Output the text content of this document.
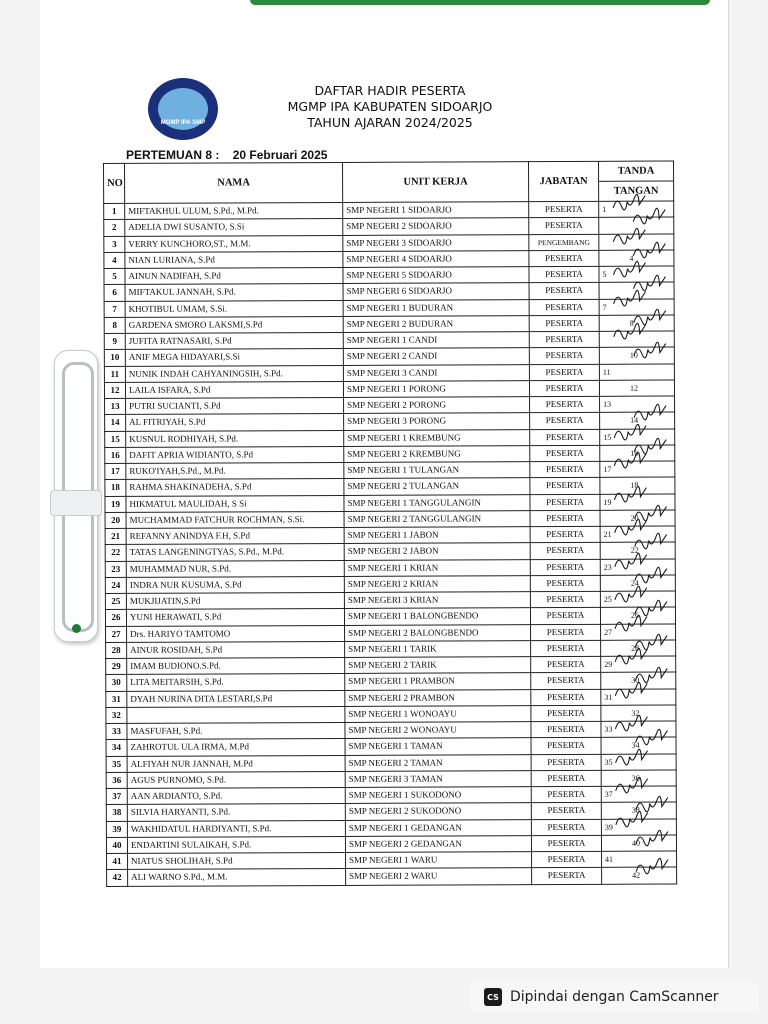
MGMP IPA SMP
DAFTAR HADIR PESERTA
MGMP IPA KABUPATEN SIDOARJO
TAHUN AJARAN 2024/2025
PERTEMUAN 8 : 20 Februari 2025
NO	NAMA	UNIT KERJA	JABATAN	TANDA
TANGAN

1	MIFTAKHUL ULUM, S.Pd., M.Pd.	SMP NEGERI 1 SIDOARJO	PESERTA	1

2	ADELIA DWI SUSANTO, S.Si	SMP NEGERI 2 SIDOARJO	PESERTA	

3	VERRY KUNCHORO,ST., M.M.	SMP NEGERI 3 SIDOARJO	PENGEMBANG	

4	NIAN LURIANA, S.Pd	SMP NEGERI 4 SIDOARJO	PESERTA	4

5	AINUN NADIFAH, S.Pd	SMP NEGERI 5 SIDOARJO	PESERTA	5

6	MIFTAKUL JANNAH, S.Pd.	SMP NEGERI 6 SIDOARJO	PESERTA	

7	KHOTIBUL UMAM, S.Si.	SMP NEGERI 1 BUDURAN	PESERTA	7

8	GARDENA SMORO LAKSMI,S.Pd	SMP NEGERI 2 BUDURAN	PESERTA	8

9	JUFITA RATNASARI, S.Pd	SMP NEGERI 1 CANDI	PESERTA	

10	ANIF MEGA HIDAYARI,S.Si	SMP NEGERI 2 CANDI	PESERTA	10

11	NUNIK INDAH CAHYANINGSIH, S.Pd.	SMP NEGERI 3 CANDI	PESERTA	11

12	LAILA ISFARA, S.Pd	SMP NEGERI 1 PORONG	PESERTA	12

13	PUTRI SUCIANTI, S.Pd	SMP NEGERI 2 PORONG	PESERTA	13

14	AL FITRIYAH, S.Pd	SMP NEGERI 3 PORONG	PESERTA	14

15	KUSNUL RODHIYAH, S.Pd.	SMP NEGERI 1 KREMBUNG	PESERTA	15

16	DAFIT APRIA WIDIANTO, S.Pd	SMP NEGERI 2 KREMBUNG	PESERTA	16

17	RUKO'IYAH,S.Pd., M.Pd.	SMP NEGERI 1 TULANGAN	PESERTA	17

18	RAHMA SHAKINADEHA, S.Pd	SMP NEGERI 2 TULANGAN	PESERTA	18

19	HIKMATUL MAULIDAH, S Si	SMP NEGERI 1 TANGGULANGIN	PESERTA	19

20	MUCHAMMAD FATCHUR ROCHMAN, S.Si.	SMP NEGERI 2 TANGGULANGIN	PESERTA	20

21	REFANNY ANINDYA F.H, S.Pd	SMP NEGERI 1 JABON	PESERTA	21

22	TATAS LANGENINGTYAS, S.Pd., M.Pd.	SMP NEGERI 2 JABON	PESERTA	22

23	MUHAMMAD NUR, S.Pd.	SMP NEGERI 1 KRIAN	PESERTA	23

24	INDRA NUR KUSUMA, S.Pd	SMP NEGERI 2 KRIAN	PESERTA	24

25	MUKJIJATIN,S.Pd	SMP NEGERI 3 KRIAN	PESERTA	25

26	YUNI HERAWATI, S.Pd	SMP NEGERI 1 BALONGBENDO	PESERTA	26

27	Drs. HARIYO TAMTOMO	SMP NEGERI 2 BALONGBENDO	PESERTA	27

28	AINUR ROSIDAH, S.Pd	SMP NEGERI 1 TARIK	PESERTA	28

29	IMAM BUDIONO.S.Pd.	SMP NEGERI 2 TARIK	PESERTA	29

30	LITA MEITARSIH, S.Pd.	SMP NEGERI 1 PRAMBON	PESERTA	30

31	DYAH NURINA DITA LESTARI,S.Pd	SMP NEGERI 2 PRAMBON	PESERTA	31

32		SMP NEGERI 1 WONOAYU	PESERTA	32

33	MASFUFAH, S.Pd.	SMP NEGERI 2 WONOAYU	PESERTA	33

34	ZAHROTUL ULA IRMA, M.Pd	SMP NEGERI 1 TAMAN	PESERTA	34

35	ALFIYAH NUR JANNAH, M.Pd	SMP NEGERI 2 TAMAN	PESERTA	35

36	AGUS PURNOMO, S.Pd.	SMP NEGERI 3 TAMAN	PESERTA	36

37	AAN ARDIANTO, S.Pd.	SMP NEGERI 1 SUKODONO	PESERTA	37

38	SILVIA HARYANTI, S.Pd.	SMP NEGERI 2 SUKODONO	PESERTA	38

39	WAKHIDATUL HARDIYANTI, S.Pd.	SMP NEGERI 1 GEDANGAN	PESERTA	39

40	ENDARTINI SULAIKAH, S.Pd.	SMP NEGERI 2 GEDANGAN	PESERTA	40

41	NIATUS SHOLIHAH, S.Pd	SMP NEGERI 1 WARU	PESERTA	41

42	ALI WARNO S.Pd., M.M.	SMP NEGERI 2 WARU	PESERTA	42
CS Dipindai dengan CamScanner
